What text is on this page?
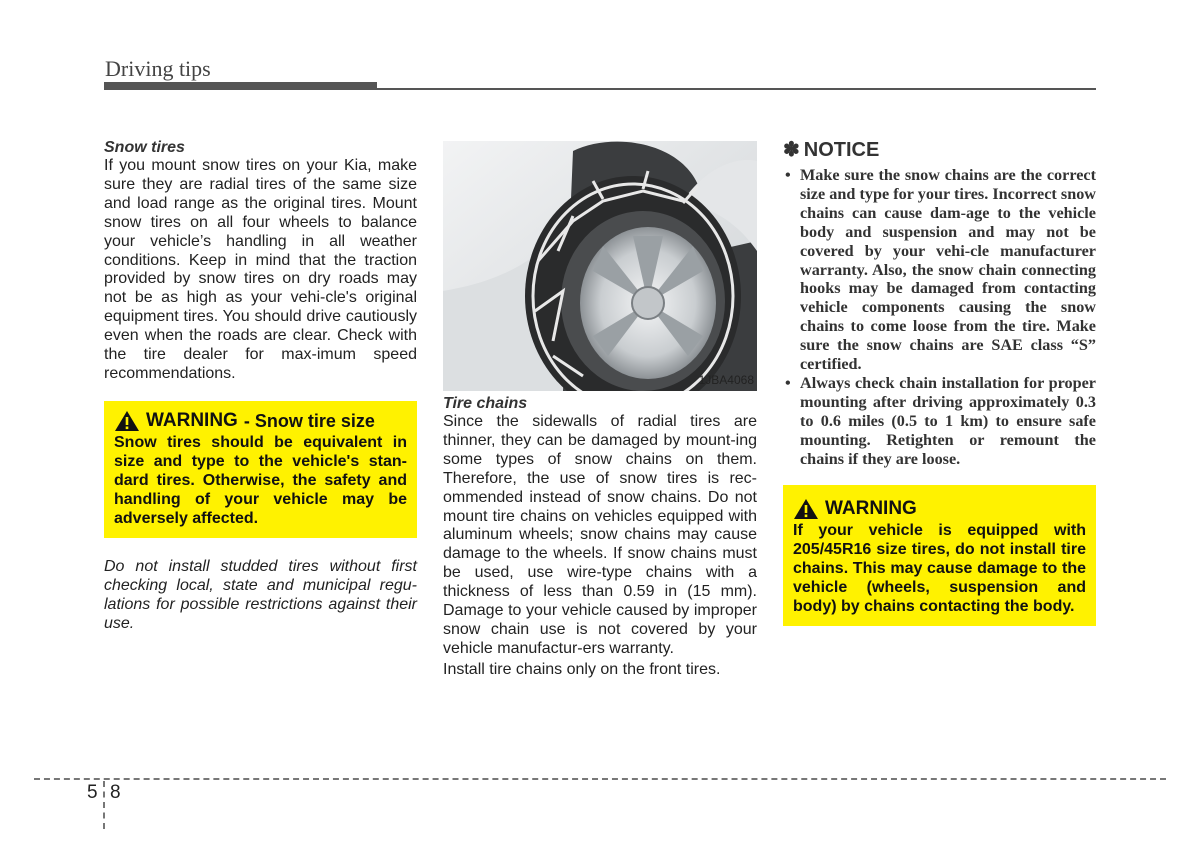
Driving tips
Snow tires

If you mount snow tires on your Kia, make sure they are radial tires of the same size and load range as the original tires. Mount snow tires on all four wheels to balance your vehicle’s handling in all weather conditions. Keep in mind that the traction provided by snow tires on dry roads may not be as high as your vehi-cle's original equipment tires. You should drive cautiously even when the roads are clear. Check with the tire dealer for max-imum speed recommendations.

WARNING - Snow tire size

Snow tires should be equivalent in size and type to the vehicle's stan-dard tires. Otherwise, the safety and handling of your vehicle may be adversely affected.

Do not install studded tires without first checking local, state and municipal regu-lations for possible restrictions against their use.

1JBA4068
Tire chains

Since the sidewalls of radial tires are thinner, they can be damaged by mount-ing some types of snow chains on them. Therefore, the use of snow tires is rec-ommended instead of snow chains. Do not mount tire chains on vehicles equipped with aluminum wheels; snow chains may cause damage to the wheels. If snow chains must be used, use wire-type chains with a thickness of less than 0.59 in (15 mm). Damage to your vehicle caused by improper snow chain use is not covered by your vehicle manufactur-ers warranty.

Install tire chains only on the front tires.

✽ NOTICE
• Make sure the snow chains are the correct size and type for your tires. Incorrect snow chains can cause dam-age to the vehicle body and suspension and may not be covered by your vehi-cle manufacturer warranty. Also, the snow chain connecting hooks may be damaged from contacting vehicle components causing the snow chains to come loose from the tire. Make sure the snow chains are SAE class “S” certified.
• Always check chain installation for proper mounting after driving approximately 0.3 to 0.6 miles (0.5 to 1 km) to ensure safe mounting. Retighten or remount the chains if they are loose.
WARNING

If your vehicle is equipped with 205/45R16 size tires, do not install tire chains. This may cause damage to the vehicle (wheels, suspension and body) by chains contacting the body.

5 8
